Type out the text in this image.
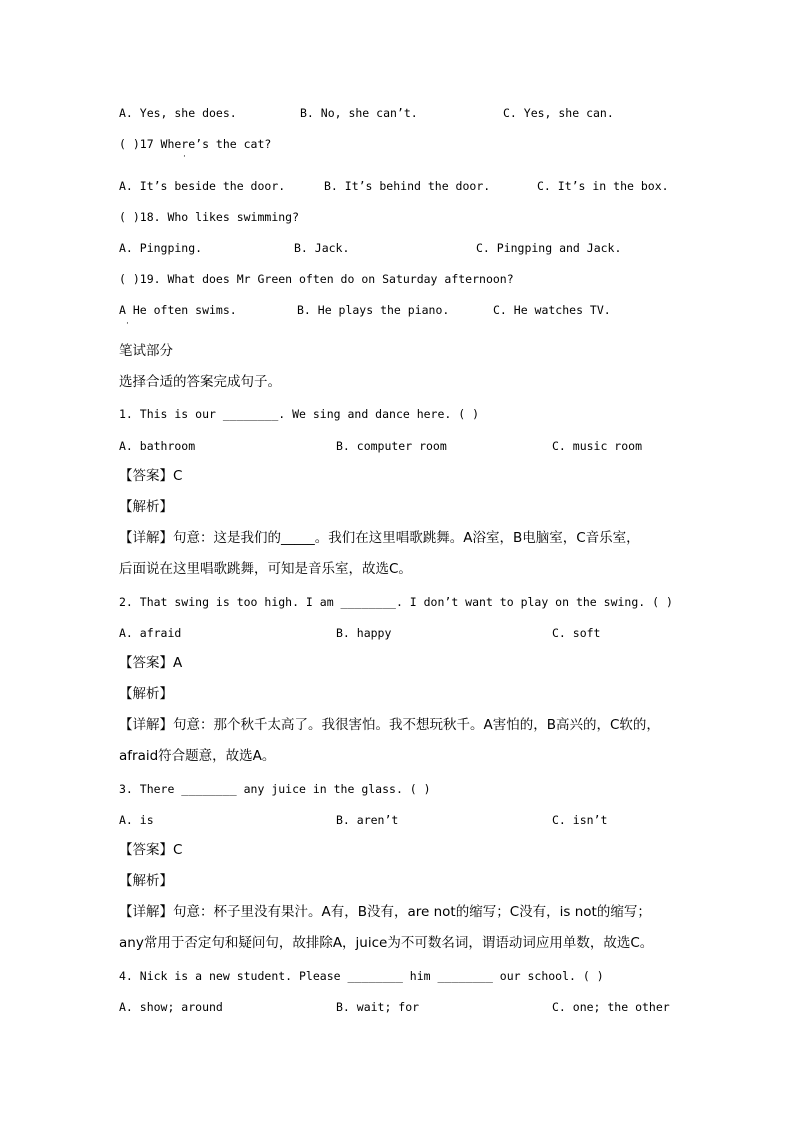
A. Yes, she does.	B. No, she can’t.	C. Yes, she can.
( )17 Where’s the cat?
·
A. It’s beside the door.	B. It’s behind the door.	C. It’s in the box.
( )18. Who likes swimming?
A. Pingping.	B. Jack.	C. Pingping and Jack.
( )19. What does Mr Green often do on Saturday afternoon?
A He often swims.	B. He plays the piano.	C. He watches TV.
·
笔试部分
选择合适的答案完成句子。
1. This is our ________. We sing and dance here. ( )
A. bathroom	B. computer room	C. music room
【答案】C
【解析】
【详解】句意：这是我们的_____。我们在这里唱歌跳舞。A浴室，B电脑室，C音乐室，
后面说在这里唱歌跳舞，可知是音乐室，故选C。
2. That swing is too high. I am ________. I don’t want to play on the swing. ( )
A. afraid	B. happy	C. soft
【答案】A
【解析】
【详解】句意：那个秋千太高了。我很害怕。我不想玩秋千。A害怕的，B高兴的，C软的，
afraid符合题意，故选A。
3. There ________ any juice in the glass. ( )
A. is	B. aren’t	C. isn’t
【答案】C
【解析】
【详解】句意：杯子里没有果汁。A有，B没有，are not的缩写；C没有，is not的缩写；
any常用于否定句和疑问句，故排除A，juice为不可数名词，谓语动词应用单数，故选C。
4. Nick is a new student. Please ________ him ________ our school. ( )
A. show; around	B. wait; for	C. one; the other
